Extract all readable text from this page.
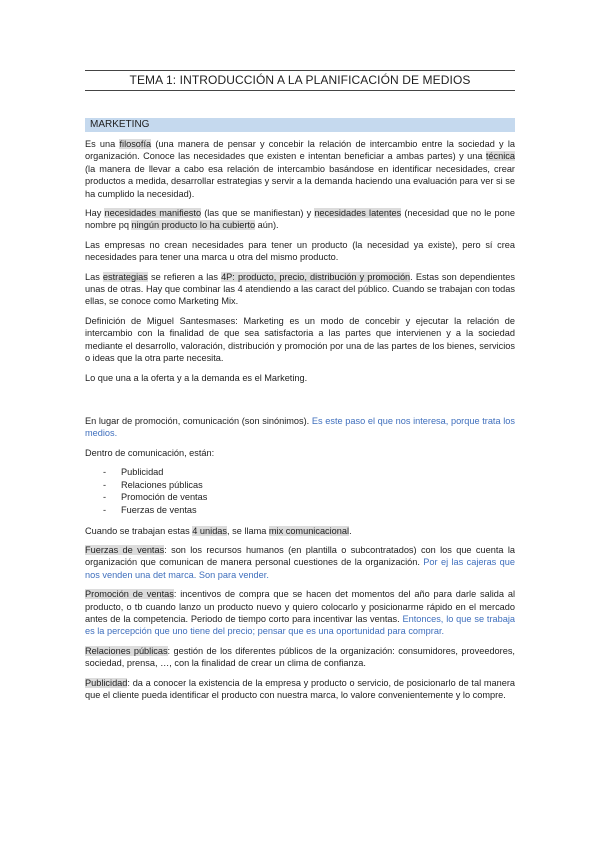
TEMA 1: INTRODUCCIÓN A LA PLANIFICACIÓN DE MEDIOS
MARKETING

Es una filosofía (una manera de pensar y concebir la relación de intercambio entre la sociedad y la organización. Conoce las necesidades que existen e intentan beneficiar a ambas partes) y una técnica (la manera de llevar a cabo esa relación de intercambio basándose en identificar necesidades, crear productos a medida, desarrollar estrategias y servir a la demanda haciendo una evaluación para ver si se ha cumplido la necesidad).

Hay necesidades manifiesto (las que se manifiestan) y necesidades latentes (necesidad que no le pone nombre pq ningún producto lo ha cubierto aún).

Las empresas no crean necesidades para tener un producto (la necesidad ya existe), pero sí crea necesidades para tener una marca u otra del mismo producto.

Las estrategias se refieren a las 4P: producto, precio, distribución y promoción. Estas son dependientes unas de otras. Hay que combinar las 4 atendiendo a las caract del público. Cuando se trabajan con todas ellas, se conoce como Marketing Mix.

Definición de Miguel Santesmases: Marketing es un modo de concebir y ejecutar la relación de intercambio con la finalidad de que sea satisfactoria a las partes que intervienen y a la sociedad mediante el desarrollo, valoración, distribución y promoción por una de las partes de los bienes, servicios o ideas que la otra parte necesita.

Lo que una a la oferta y a la demanda es el Marketing.

En lugar de promoción, comunicación (son sinónimos). Es este paso el que nos interesa, porque trata los medios.

Dentro de comunicación, están:

- Publicidad
- Relaciones públicas
- Promoción de ventas
- Fuerzas de ventas

Cuando se trabajan estas 4 unidas, se llama mix comunicacional.

Fuerzas de ventas: son los recursos humanos (en plantilla o subcontratados) con los que cuenta la organización que comunican de manera personal cuestiones de la organización. Por ej las cajeras que nos venden una det marca. Son para vender.

Promoción de ventas: incentivos de compra que se hacen det momentos del año para darle salida al producto, o tb cuando lanzo un producto nuevo y quiero colocarlo y posicionarme rápido en el mercado antes de la competencia. Periodo de tiempo corto para incentivar las ventas. Entonces, lo que se trabaja es la percepción que uno tiene del precio; pensar que es una oportunidad para comprar.

Relaciones públicas: gestión de los diferentes públicos de la organización: consumidores, proveedores, sociedad, prensa, …, con la finalidad de crear un clima de confianza.

Publicidad: da a conocer la existencia de la empresa y producto o servicio, de posicionarlo de tal manera que el cliente pueda identificar el producto con nuestra marca, lo valore convenientemente y lo compre.
